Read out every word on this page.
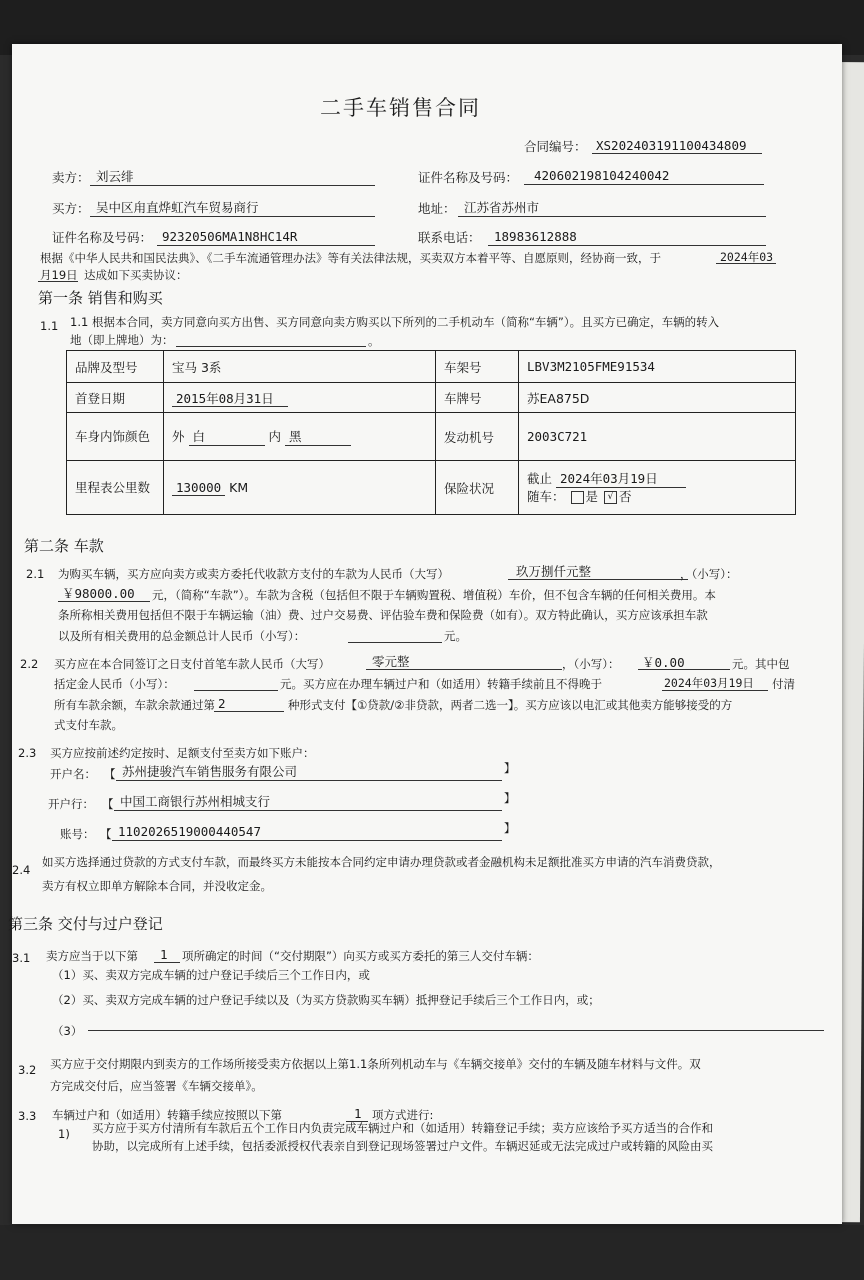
二手车销售合同
合同编号： XS202403191100434809
卖方： 刘云绯	证件名称及号码： 420602198104240042
买方： 吴中区甪直烨虹汽车贸易商行	地址： 江苏省苏州市
证件名称及号码： 92320506MA1N8HC14R	联系电话： 18983612888
根据《中华人民共和国民法典》、《二手车流通管理办法》等有关法律法规，买卖双方本着平等、自愿原则，经协商一致，于	2024年03
月19日 达成如下买卖协议：
第一条 销售和购买
1.1 1.1 根据本合同，卖方同意向买方出售、买方同意向卖方购买以下所列的二手机动车（简称“车辆”）。且买方已确定，车辆的转入
地（即上牌地）为：	。
品牌及型号	宝马 3系	车架号	LBV3M2105FME91534
首登日期	2015年08月31日	车牌号	苏EA875D
车身内饰颜色	外 白 内 黑	发动机号	2003C721
里程表公里数	130000 KM	保险状况	截止 2024年03月19日
随车： 是 √ 否
第二条 车款
2.1 为购买车辆，买方应向卖方或卖方委托代收款方支付的车款为人民币（大写）	玖万捌仟元整	，（小写）：
￥98000.00 元，（简称“车款”）。车款为含税（包括但不限于车辆购置税、增值税）车价，但不包含车辆的任何相关费用。本
条所称相关费用包括但不限于车辆运输（油）费、过户交易费、评估验车费和保险费（如有）。双方特此确认，买方应该承担车款
以及所有相关费用的总金额总计人民币（小写）：	元。
2.2 买方应在本合同签订之日支付首笔车款人民币（大写）	零元整	，（小写）： ￥0.00	元。其中包
括定金人民币（小写）：	元。买方应在办理车辆过户和（如适用）转籍手续前且不得晚于	2024年03月19日 付清
所有车款余额，车款余款通过第 2	种形式支付【①贷款/②非贷款，两者二选一】。买方应该以电汇或其他卖方能够接受的方
式支付车款。
2.3 买方应按前述约定按时、足额支付至卖方如下账户：
开户名： 【 苏州捷骏汽车销售服务有限公司	】
开户行： 【 中国工商银行苏州相城支行	】
账号： 【 1102026519000440547	】
2.4
如买方选择通过贷款的方式支付车款，而最终买方未能按本合同约定申请办理贷款或者金融机构未足额批准买方申请的汽车消费贷款，
卖方有权立即单方解除本合同，并没收定金。
第三条 交付与过户登记
3.1 卖方应当于以下第 1 项所确定的时间（“交付期限”）向买方或买方委托的第三人交付车辆：
（1）买、卖双方完成车辆的过户登记手续后三个工作日内，或
（2）买、卖双方完成车辆的过户登记手续以及（为买方贷款购买车辆）抵押登记手续后三个工作日内，或；
（3）
3.2 买方应于交付期限内到卖方的工作场所接受卖方依据以上第1.1条所列机动车与《车辆交接单》交付的车辆及随车材料与文件。双
方完成交付后，应当签署《车辆交接单》。
3.3 车辆过户和（如适用）转籍手续应按照以下第	1 项方式进行:
1) 买方应于买方付清所有车款后五个工作日内负责完成车辆过户和（如适用）转籍登记手续；卖方应该给予买方适当的合作和
协助，以完成所有上述手续，包括委派授权代表亲自到登记现场签署过户文件。车辆迟延或无法完成过户或转籍的风险由买
